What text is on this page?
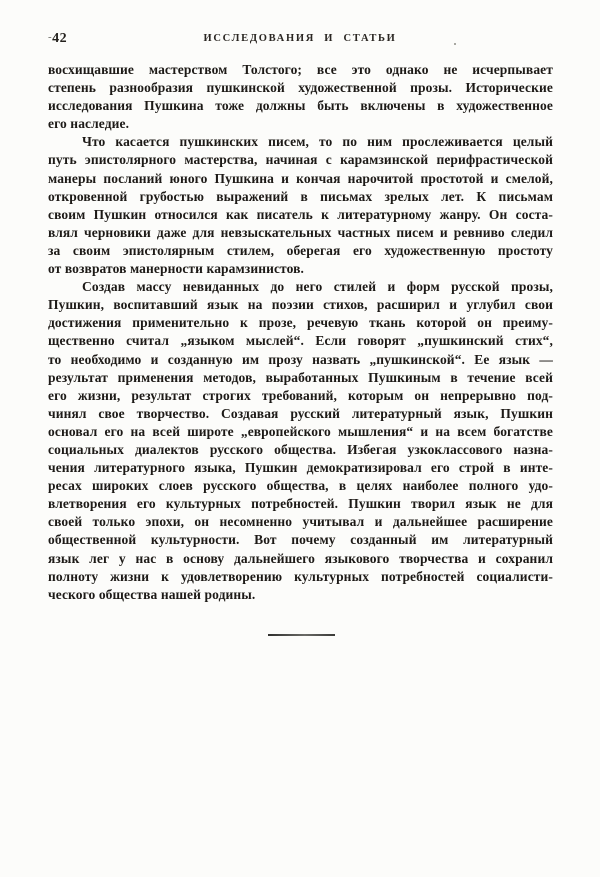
-42	ИССЛЕДОВАНИЯ И СТАТЬИ
восхищавшие мастерством Толстого; все это однако не исчерпывает
степень разнообразия пушкинской художественной прозы. Исторические
исследования Пушкина тоже должны быть включены в художественное
его наследие.
Что касается пушкинских писем, то по ним прослеживается целый
путь эпистолярного мастерства, начиная с карамзинской перифрастической
манеры посланий юного Пушкина и кончая нарочитой простотой и смелой,
откровенной грубостью выражений в письмах зрелых лет. К письмам
своим Пушкин относился как писатель к литературному жанру. Он соста-
влял черновики даже для невзыскательных частных писем и ревниво следил
за своим эпистолярным стилем, оберегая его художественную простоту
от возвратов манерности карамзинистов.
Создав массу невиданных до него стилей и форм русской прозы,
Пушкин, воспитавший язык на поэзии стихов, расширил и углубил свои
достижения применительно к прозе, речевую ткань которой он преиму-
щественно считал „языком мыслей“. Если говорят „пушкинский стих“,
то необходимо и созданную им прозу назвать „пушкинской“. Ее язык —
результат применения методов, выработанных Пушкиным в течение всей
его жизни, результат строгих требований, которым он непрерывно под-
чинял свое творчество. Создавая русский литературный язык, Пушкин
основал его на всей широте „европейского мышления“ и на всем богатстве
социальных диалектов русского общества. Избегая узкоклассового назна-
чения литературного языка, Пушкин демократизировал его строй в инте-
ресах широких слоев русского общества, в целях наиболее полного удо-
влетворения его культурных потребностей. Пушкин творил язык не для
своей только эпохи, он несомненно учитывал и дальнейшее расширение
общественной культурности. Вот почему созданный им литературный
язык лег у нас в основу дальнейшего языкового творчества и сохранил
полноту жизни к удовлетворению культурных потребностей социалисти-
ческого общества нашей родины.
